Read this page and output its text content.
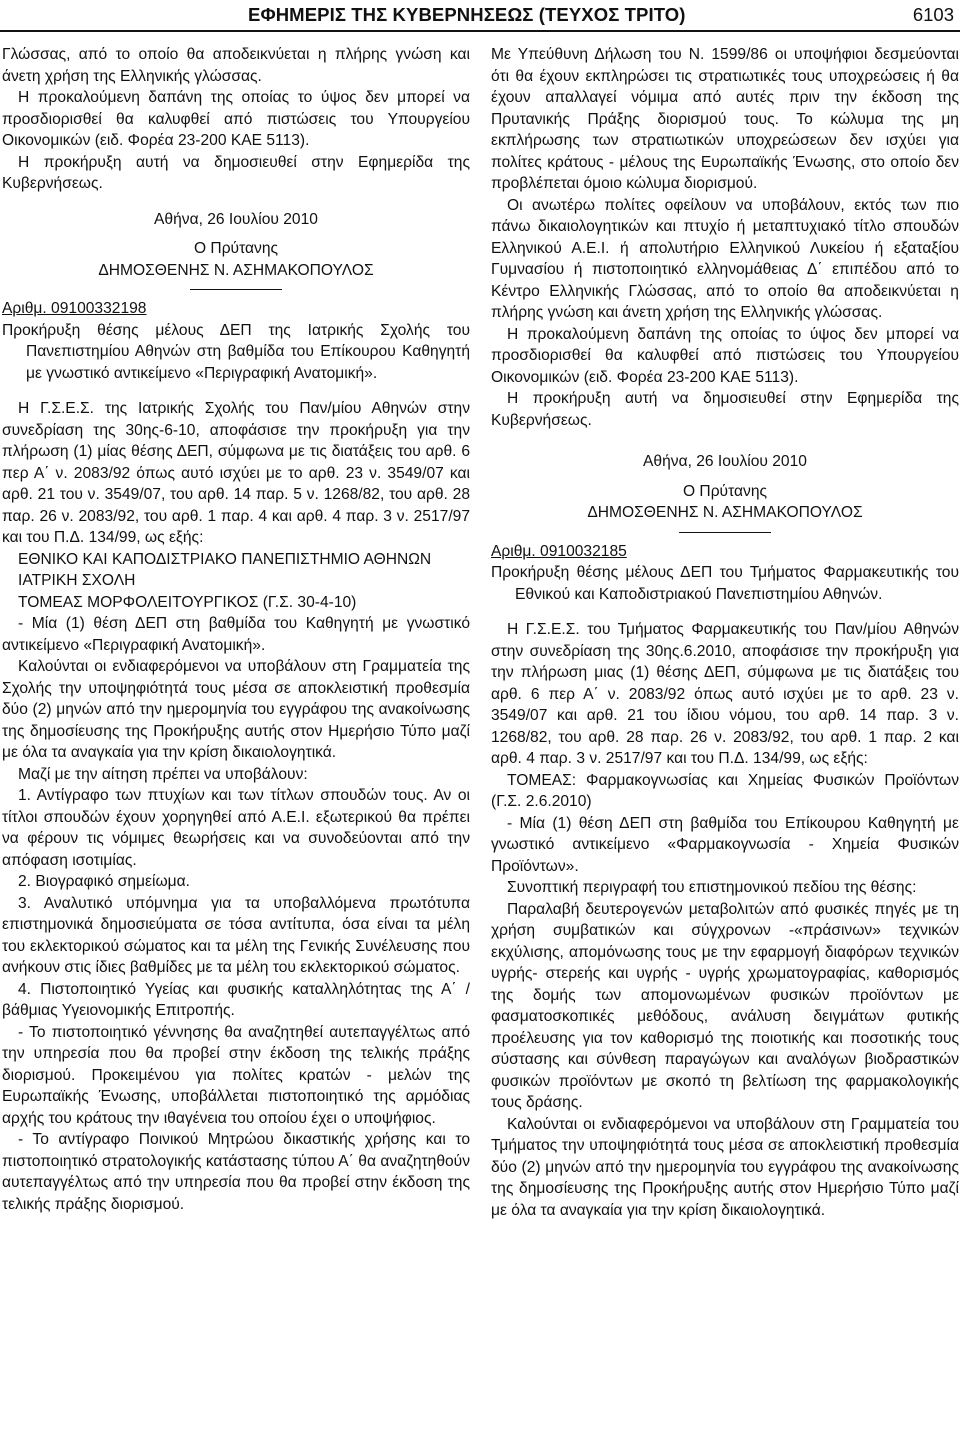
ΕΦΗΜΕΡΙΣ ΤΗΣ ΚΥΒΕΡΝΗΣΕΩΣ (ΤΕΥΧΟΣ ΤΡΙΤΟ)	6103

Γλώσσας, από το οποίο θα αποδεικνύεται η πλήρης γνώση και άνετη χρήση της Ελληνικής γλώσσας.

Η προκαλούμενη δαπάνη της οποίας το ύψος δεν μπορεί να προσδιορισθεί θα καλυφθεί από πιστώσεις του Υπουργείου Οικονομικών (ειδ. Φορέα 23-200 ΚΑΕ 5113).

Η προκήρυξη αυτή να δημοσιευθεί στην Εφημερίδα της Κυβερνήσεως.

Αθήνα, 26 Ιουλίου 2010

Ο Πρύτανης

ΔΗΜΟΣΘΕΝΗΣ Ν. ΑΣΗΜΑΚΟΠΟΥΛΟΣ

Αριθμ. 09100332198

Προκήρυξη θέσης μέλους ΔΕΠ της Ιατρικής Σχολής του Πανεπιστημίου Αθηνών στη βαθμίδα του Επίκουρου Καθηγητή με γνωστικό αντικείμενο «Περιγραφική Ανατομική».

Η Γ.Σ.Ε.Σ. της Ιατρικής Σχολής του Παν/μίου Αθηνών στην συνεδρίαση της 30ης-6-10, αποφάσισε την προκήρυξη για την πλήρωση (1) μίας θέσης ΔΕΠ, σύμφωνα με τις διατάξεις του αρθ. 6 περ Α΄ ν. 2083/92 όπως αυτό ισχύει με το αρθ. 23 ν. 3549/07 και αρθ. 21 του ν. 3549/07, του αρθ. 14 παρ. 5 ν. 1268/82, του αρθ. 28 παρ. 26 ν. 2083/92, του αρθ. 1 παρ. 4 και αρθ. 4 παρ. 3 ν. 2517/97 και του Π.Δ. 134/99, ως εξής:

ΕΘΝΙΚΟ ΚΑΙ ΚΑΠΟΔΙΣΤΡΙΑΚΟ ΠΑΝΕΠΙΣΤΗΜΙΟ ΑΘΗΝΩΝ

ΙΑΤΡΙΚΗ ΣΧΟΛΗ

ΤΟΜΕΑΣ ΜΟΡΦΟΛΕΙΤΟΥΡΓΙΚΟΣ (Γ.Σ. 30-4-10)

- Μία (1) θέση ΔΕΠ στη βαθμίδα του Καθηγητή με γνωστικό αντικείμενο «Περιγραφική Ανατομική».

Καλούνται οι ενδιαφερόμενοι να υποβάλουν στη Γραμματεία της Σχολής την υποψηφιότητά τους μέσα σε αποκλειστική προθεσμία δύο (2) μηνών από την ημερομηνία του εγγράφου της ανακοίνωσης της δημοσίευσης της Προκήρυξης αυτής στον Ημερήσιο Τύπο μαζί με όλα τα αναγκαία για την κρίση δικαιολογητικά.

Μαζί με την αίτηση πρέπει να υποβάλουν:

1. Αντίγραφο των πτυχίων και των τίτλων σπουδών τους. Αν οι τίτλοι σπουδών έχουν χορηγηθεί από Α.Ε.Ι. εξωτερικού θα πρέπει να φέρουν τις νόμιμες θεωρήσεις και να συνοδεύονται από την απόφαση ισοτιμίας.

2. Βιογραφικό σημείωμα.

3. Αναλυτικό υπόμνημα για τα υποβαλλόμενα πρωτότυπα επιστημονικά δημοσιεύματα σε τόσα αντίτυπα, όσα είναι τα μέλη του εκλεκτορικού σώματος και τα μέλη της Γενικής Συνέλευσης που ανήκουν στις ίδιες βαθμίδες με τα μέλη του εκλεκτορικού σώματος.

4. Πιστοποιητικό Υγείας και φυσικής καταλληλότητας της Α΄ /βάθμιας Υγειονομικής Επιτροπής.

- Το πιστοποιητικό γέννησης θα αναζητηθεί αυτεπαγγέλτως από την υπηρεσία που θα προβεί στην έκδοση της τελικής πράξης διορισμού. Προκειμένου για πολίτες κρατών - μελών της Ευρωπαϊκής Ένωσης, υποβάλλεται πιστοποιητικό της αρμόδιας αρχής του κράτους την ιθαγένεια του οποίου έχει ο υποψήφιος.

- Το αντίγραφο Ποινικού Μητρώου δικαστικής χρήσης και το πιστοποιητικό στρατολογικής κατάστασης τύπου Α΄ θα αναζητηθούν αυτεπαγγέλτως από την υπηρεσία που θα προβεί στην έκδοση της τελικής πράξης διορισμού.

Με Υπεύθυνη Δήλωση του Ν. 1599/86 οι υποψήφιοι δεσμεύονται ότι θα έχουν εκπληρώσει τις στρατιωτικές τους υποχρεώσεις ή θα έχουν απαλλαγεί νόμιμα από αυτές πριν την έκδοση της Πρυτανικής Πράξης διορισμού τους. Το κώλυμα της μη εκπλήρωσης των στρατιωτικών υποχρεώσεων δεν ισχύει για πολίτες κράτους - μέλους της Ευρωπαϊκής Ένωσης, στο οποίο δεν προβλέπεται όμοιο κώλυμα διορισμού.

Οι ανωτέρω πολίτες οφείλουν να υποβάλουν, εκτός των πιο πάνω δικαιολογητικών και πτυχίο ή μεταπτυχιακό τίτλο σπουδών Ελληνικού Α.Ε.Ι. ή απολυτήριο Ελληνικού Λυκείου ή εξαταξίου Γυμνασίου ή πιστοποιητικό ελληνομάθειας Δ΄ επιπέδου από το Κέντρο Ελληνικής Γλώσσας, από το οποίο θα αποδεικνύεται η πλήρης γνώση και άνετη χρήση της Ελληνικής γλώσσας.

Η προκαλούμενη δαπάνη της οποίας το ύψος δεν μπορεί να προσδιορισθεί θα καλυφθεί από πιστώσεις του Υπουργείου Οικονομικών (ειδ. Φορέα 23-200 ΚΑΕ 5113).

Η προκήρυξη αυτή να δημοσιευθεί στην Εφημερίδα της Κυβερνήσεως.

Αθήνα, 26 Ιουλίου 2010

Ο Πρύτανης

ΔΗΜΟΣΘΕΝΗΣ Ν. ΑΣΗΜΑΚΟΠΟΥΛΟΣ

Αριθμ. 0910032185

Προκήρυξη θέσης μέλους ΔΕΠ του Τμήματος Φαρμακευτικής του Εθνικού και Καποδιστριακού Πανεπιστημίου Αθηνών.

Η Γ.Σ.Ε.Σ. του Τμήματος Φαρμακευτικής του Παν/μίου Αθηνών στην συνεδρίαση της 30ης.6.2010, αποφάσισε την προκήρυξη για την πλήρωση μιας (1) θέσης ΔΕΠ, σύμφωνα με τις διατάξεις του αρθ. 6 περ Α΄ ν. 2083/92 όπως αυτό ισχύει με το αρθ. 23 ν. 3549/07 και αρθ. 21 του ίδιου νόμου, του αρθ. 14 παρ. 3 ν. 1268/82, του αρθ. 28 παρ. 26 ν. 2083/92, του αρθ. 1 παρ. 2 και αρθ. 4 παρ. 3 ν. 2517/97 και του Π.Δ. 134/99, ως εξής:

ΤΟΜΕΑΣ: Φαρμακογνωσίας και Χημείας Φυσικών Προϊόντων (Γ.Σ. 2.6.2010)

- Μία (1) θέση ΔΕΠ στη βαθμίδα του Επίκουρου Καθηγητή με γνωστικό αντικείμενο «Φαρμακογνωσία - Χημεία Φυσικών Προϊόντων».

Συνοπτική περιγραφή του επιστημονικού πεδίου της θέσης:

Παραλαβή δευτερογενών μεταβολιτών από φυσικές πηγές με τη χρήση συμβατικών και σύγχρονων -«πράσινων» τεχνικών εκχύλισης, απομόνωσης τους με την εφαρμογή διαφόρων τεχνικών υγρής- στερεής και υγρής - υγρής χρωματογραφίας, καθορισμός της δομής των απομονωμένων φυσικών προϊόντων με φασματοσκοπικές μεθόδους, ανάλυση δειγμάτων φυτικής προέλευσης για τον καθορισμό της ποιοτικής και ποσοτικής τους σύστασης και σύνθεση παραγώγων και αναλόγων βιοδραστικών φυσικών προϊόντων με σκοπό τη βελτίωση της φαρμακολογικής τους δράσης.

Καλούνται οι ενδιαφερόμενοι να υποβάλουν στη Γραμματεία του Τμήματος την υποψηφιότητά τους μέσα σε αποκλειστική προθεσμία δύο (2) μηνών από την ημερομηνία του εγγράφου της ανακοίνωσης της δημοσίευσης της Προκήρυξης αυτής στον Ημερήσιο Τύπο μαζί με όλα τα αναγκαία για την κρίση δικαιολογητικά.
